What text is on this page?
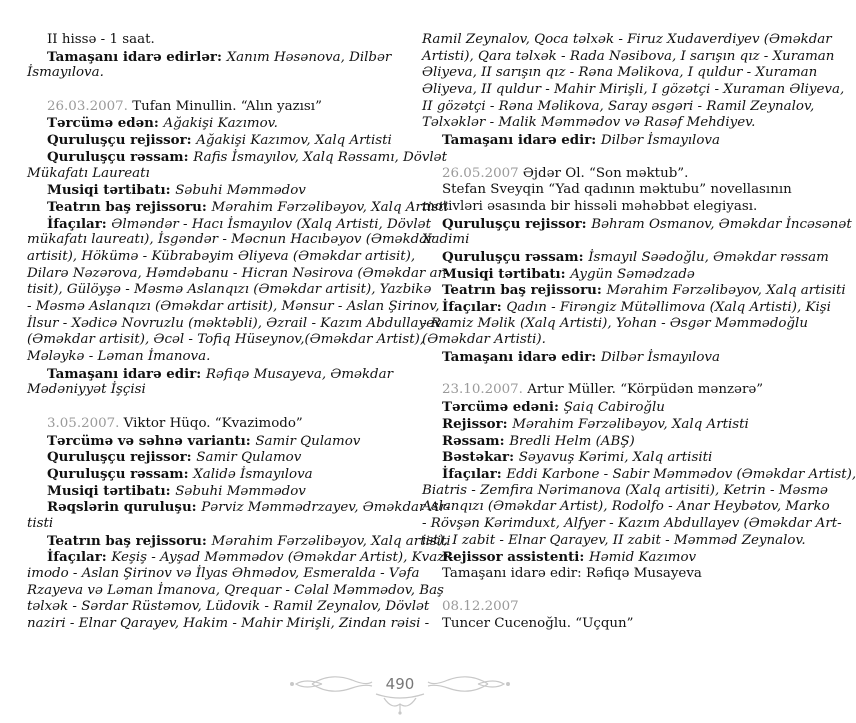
II hissə - 1 saat.
Tamaşanı idarə edirlər: Xanım Həsənova, Dilbər
İsmayılova.
26.03.2007. Tufan Minullin. “Alın yazısı”
Tərcümə edən: Ağakişi Kazımov.
Quruluşçu rejissor: Ağakişi Kazımov, Xalq Artisti
Quruluşçu rəssam: Rafis İsmayılov, Xalq Rəssamı, Dövlət
Mükafatı Laureatı
Musiqi tərtibatı: Səbuhi Məmmədov
Teatrın baş rejissoru: Mərahim Fərzəlibəyov, Xalq Artisti
İfaçılar: Əlməndər - Hacı İsmayılov (Xalq Artisti, Dövlət
mükafatı laureatı), İsgəndər - Məcnun Hacıbəyov (Əməkdar
artisit), Hökümə - Kübrabəyim Əliyeva (Əməkdar artisit),
Dilarə Nəzərova, Həmdəbanu - Hicran Nəsirova (Əməkdar ar-
tisit), Gülöyşə - Məsmə Aslanqızı (Əməkdar artisit), Yazbikə
- Məsmə Aslanqızı (Əməkdar artisit), Mənsur - Aslan Şirinov,
İlsur - Xədicə Novruzlu (məktəbli), Əzrail - Kazım Abdullayev
(Əməkdar artisit), Əcəl - Tofiq Hüseynov,(Əməkdar Artist),
Mələykə - Ləman İmanova.
Tamaşanı idarə edir: Rəfiqə Musayeva, Əməkdar
Mədəniyyət İşçisi
3.05.2007. Viktor Hüqo. “Kvazimodo”
Tərcümə və səhnə variantı: Samir Qulamov
Quruluşçu rejissor: Samir Qulamov
Quruluşçu rəssam: Xalidə İsmayılova
Musiqi tərtibatı: Səbuhi Məmmədov
Rəqslərin quruluşu: Pərviz Məmmədrzayev, Əməkdar Ar-
tisti
Teatrın baş rejissoru: Mərahim Fərzəlibəyov, Xalq artisiti
İfaçılar: Keşiş - Ayşad Məmmədov (Əməkdar Artist), Kvazi-
imodo - Aslan Şirinov və İlyas Əhmədov, Esmeralda - Vəfa
Rzayeva və Ləman İmanova, Qrequar - Cəlal Məmmədov, Baş
təlxək - Sərdar Rüstəmov, Lüdovik - Ramil Zeynalov, Dövlət
naziri - Elnar Qarayev, Hakim - Mahir Mirişli, Zindan rəisi -
Ramil Zeynalov, Qoca təlxək - Firuz Xudaverdiyev (Əməkdar
Artisti), Qara təlxək - Rada Nəsibova, I sarışın qız - Xuraman
Əliyeva, II sarışın qız - Rəna Məlikova, I quldur - Xuraman
Əliyeva, II quldur - Mahir Mirişli, I gözətçi - Xuraman Əliyeva,
II gözətçi - Rəna Məlikova, Saray əsgəri - Ramil Zeynalov,
Təlxəklər - Malik Məmmədov və Rasəf Mehdiyev.
Tamaşanı idarə edir: Dilbər İsmayılova
26.05.2007 Əjdər Ol. “Son məktub”.
Stefan Sveyqin “Yad qadının məktubu” novellasının
motivləri əsasında bir hissəli məhəbbət elegiyası.
Quruluşçu rejissor: Bəhram Osmanov, Əməkdar İncəsənət
Xadimi
Quruluşçu rəssam: İsmayıl Səədoğlu, Əməkdar rəssam
Musiqi tərtibatı: Aygün Səmədzadə
Teatrın baş rejissoru: Mərahim Fərzəlibəyov, Xalq artisiti
İfaçılar: Qadın - Firəngiz Mütəllimova (Xalq Artisti), Kişi
- Ramiz Məlik (Xalq Artisti), Yohan - Əsgər Məmmədoğlu
(Əməkdar Artisti).
Tamaşanı idarə edir: Dilbər İsmayılova
23.10.2007. Artur Müller. “Körpüdən mənzərə”
Tərcümə edəni: Şaiq Cabiroğlu
Rejissor: Mərahim Fərzəlibəyov, Xalq Artisti
Rəssam: Bredli Helm (ABŞ)
Bəstəkar: Səyavuş Kərimi, Xalq artisiti
İfaçılar: Eddi Karbone - Sabir Məmmədov (Əməkdar Artist),
Biatris - Zemfira Nərimanova (Xalq artisiti), Ketrin - Məsmə
Aslanqızı (Əməkdar Artist), Rodolfo - Anar Heybətov, Marko
- Rövşən Kərimduxt, Alfyer - Kazım Abdullayev (Əməkdar Art-
ist), I zabit - Elnar Qarayev, II zabit - Məmməd Zeynalov.
Rejissor assistenti: Həmid Kazımov
Tamaşanı idarə edir: Rəfiqə Musayeva
08.12.2007
Tuncer Cucenoğlu. “Uçqun”
490
